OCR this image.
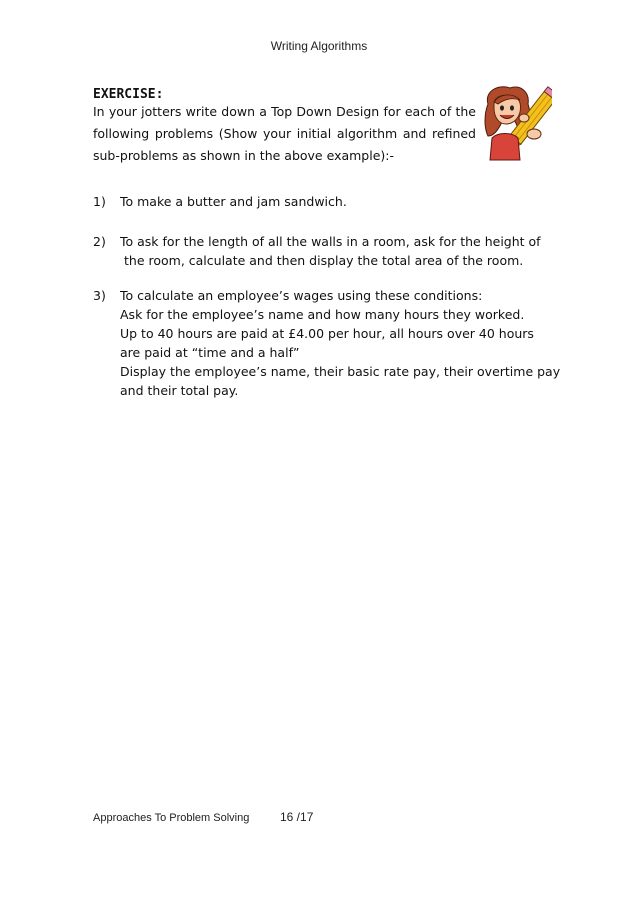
Writing Algorithms
EXERCISE:
In your jotters write down a Top Down Design for each of the
following problems (Show your initial algorithm and refined
sub-problems as shown in the above example):-
1) To make a butter and jam sandwich.
2) To ask for the length of all the walls in a room, ask for the height of
the room, calculate and then display the total area of the room.
3) To calculate an employee’s wages using these conditions:
Ask for the employee’s name and how many hours they worked.
Up to 40 hours are paid at £4.00 per hour, all hours over 40 hours
are paid at “time and a half”
Display the employee’s name, their basic rate pay, their overtime pay
and their total pay.
Approaches To Problem Solving	16 /17
